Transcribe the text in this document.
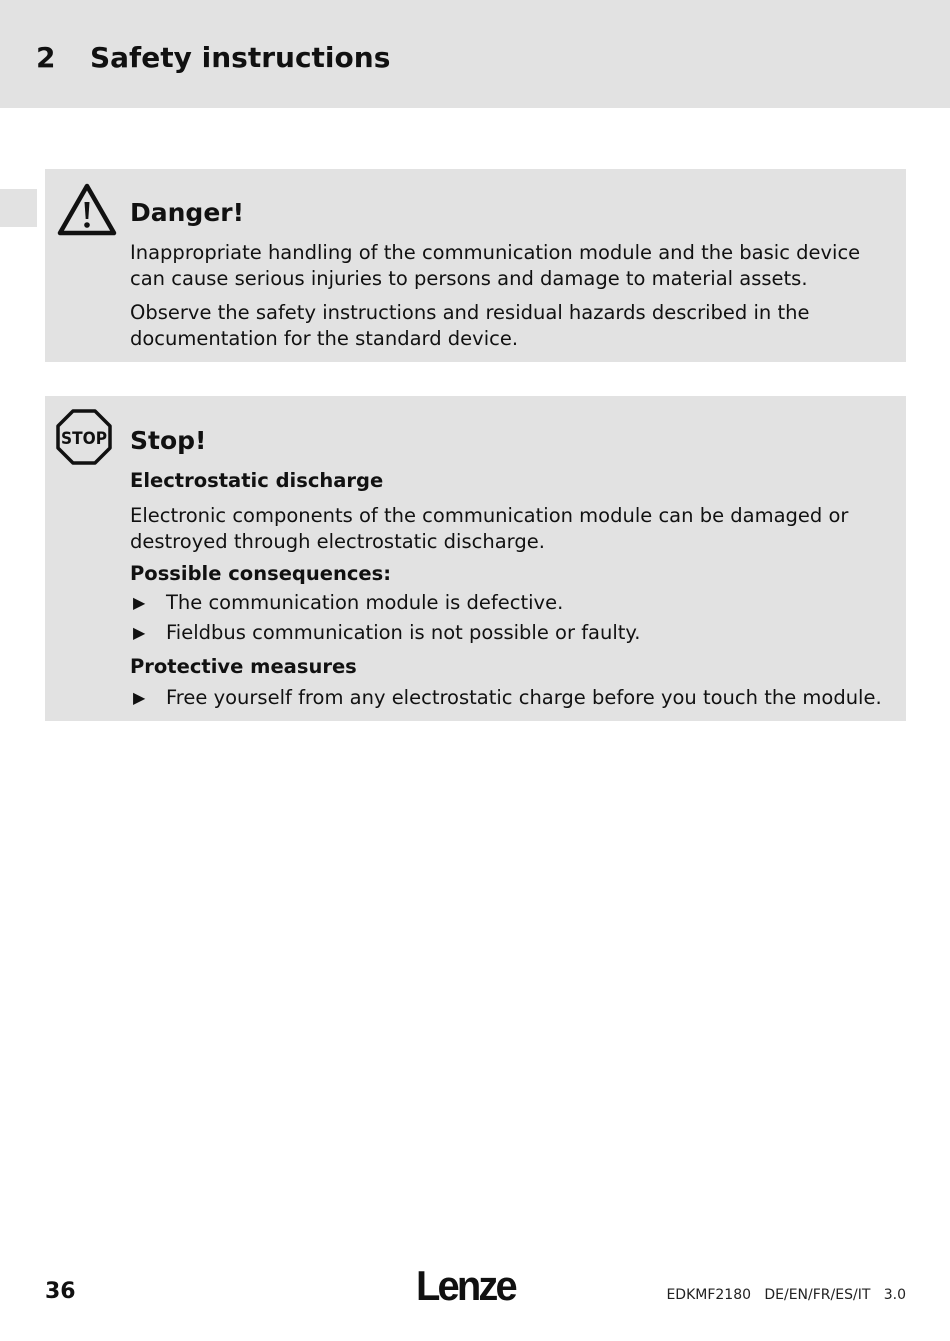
2 Safety instructions
Danger!

Inappropriate handling of the communication module and the basic device can cause serious injuries to persons and damage to material assets.

Observe the safety instructions and residual hazards described in the documentation for the standard device.

STOP Stop!

Electrostatic discharge

Electronic components of the communication module can be damaged or destroyed through electrostatic discharge.

Possible consequences:

▶ The communication module is defective.
▶ Fieldbus communication is not possible or faulty.

Protective measures

▶ Free yourself from any electrostatic charge before you touch the module.
36	Lenze	EDKMF2180   DE/EN/FR/ES/IT   3.0
